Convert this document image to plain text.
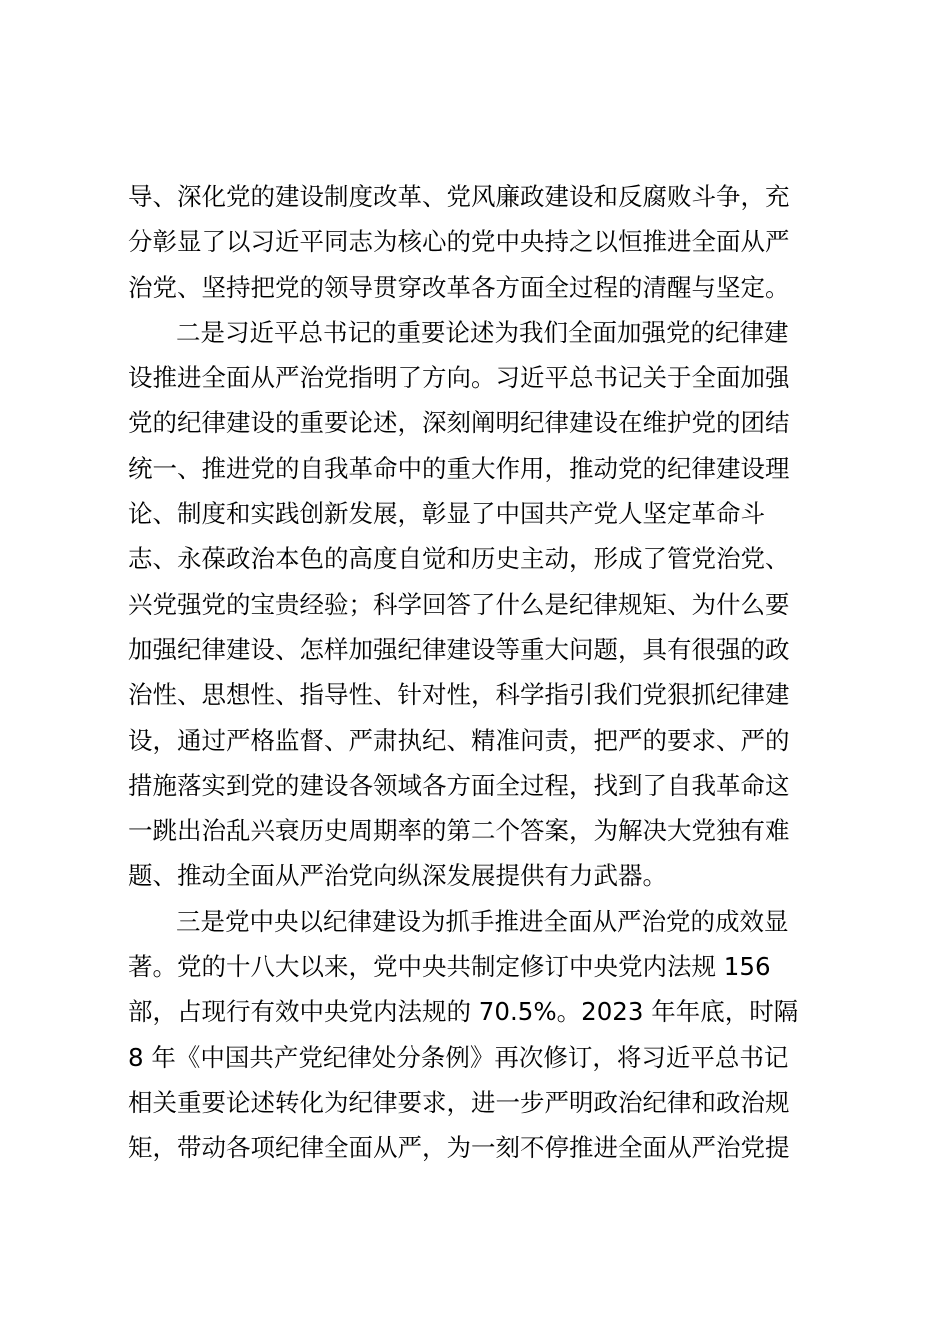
导、深化党的建设制度改革、党风廉政建设和反腐败斗争，充
分彰显了以习近平同志为核心的党中央持之以恒推进全面从严
治党、坚持把党的领导贯穿改革各方面全过程的清醒与坚定。
二是习近平总书记的重要论述为我们全面加强党的纪律建
设推进全面从严治党指明了方向。习近平总书记关于全面加强
党的纪律建设的重要论述，深刻阐明纪律建设在维护党的团结
统一、推进党的自我革命中的重大作用，推动党的纪律建设理
论、制度和实践创新发展，彰显了中国共产党人坚定革命斗
志、永葆政治本色的高度自觉和历史主动，形成了管党治党、
兴党强党的宝贵经验；科学回答了什么是纪律规矩、为什么要
加强纪律建设、怎样加强纪律建设等重大问题，具有很强的政
治性、思想性、指导性、针对性，科学指引我们党狠抓纪律建
设，通过严格监督、严肃执纪、精准问责，把严的要求、严的
措施落实到党的建设各领域各方面全过程，找到了自我革命这
一跳出治乱兴衰历史周期率的第二个答案，为解决大党独有难
题、推动全面从严治党向纵深发展提供有力武器。
三是党中央以纪律建设为抓手推进全面从严治党的成效显
著。党的十八大以来，党中央共制定修订中央党内法规 156
部，占现行有效中央党内法规的 70.5%。2023 年年底，时隔
8 年《中国共产党纪律处分条例》再次修订，将习近平总书记
相关重要论述转化为纪律要求，进一步严明政治纪律和政治规
矩，带动各项纪律全面从严，为一刻不停推进全面从严治党提
